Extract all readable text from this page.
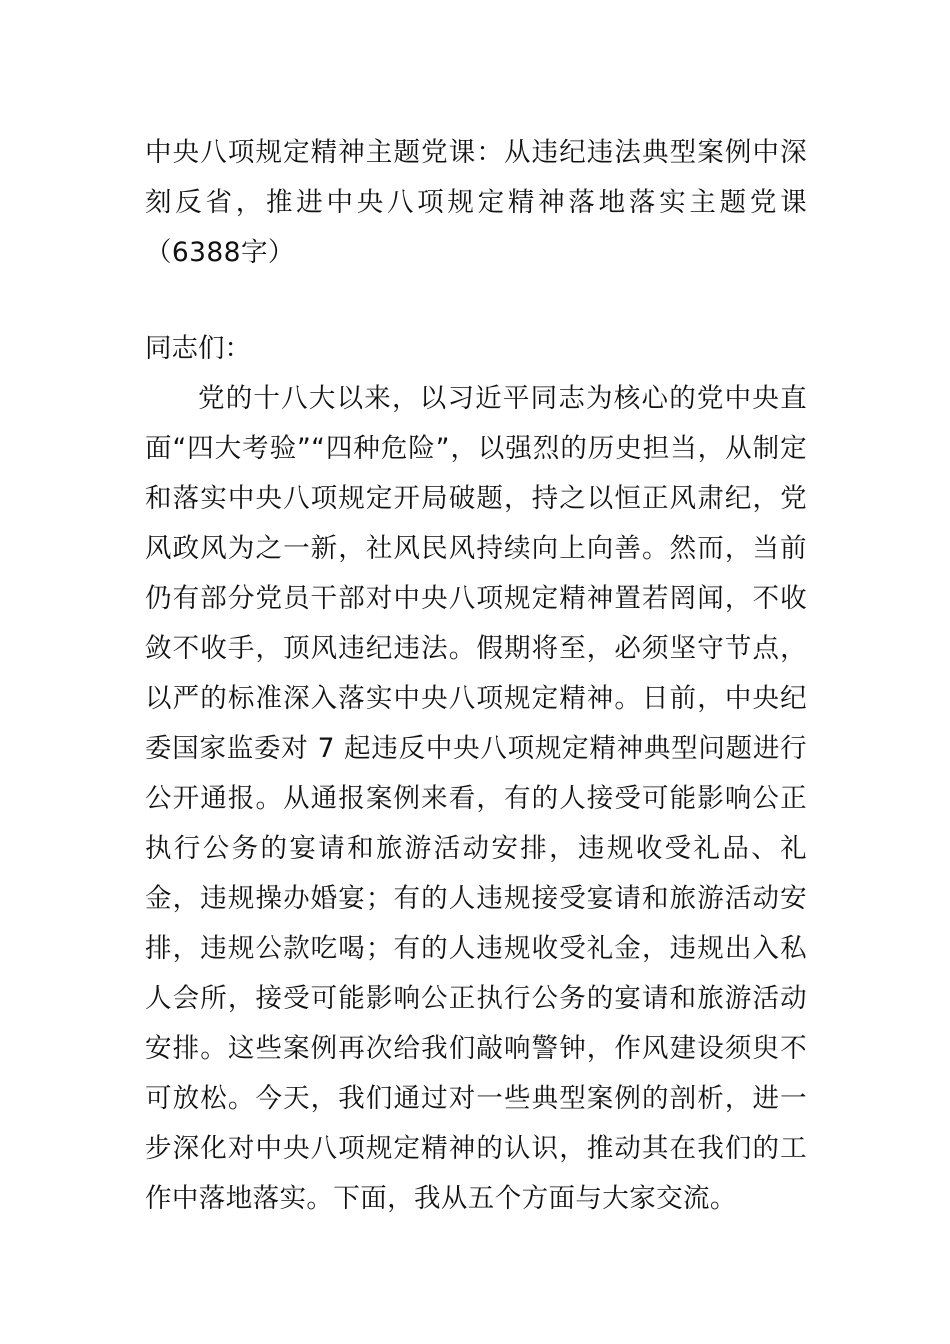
中央八项规定精神主题党课：从违纪违法典型案例中深刻反省，推进中央八项规定精神落地落实主题党课（6388字）

同志们：

党的十八大以来，以习近平同志为核心的党中央直面“四大考验”“四种危险”，以强烈的历史担当，从制定和落实中央八项规定开局破题，持之以恒正风肃纪，党风政风为之一新，社风民风持续向上向善。然而，当前仍有部分党员干部对中央八项规定精神置若罔闻，不收敛不收手，顶风违纪违法。假期将至，必须坚守节点，以严的标准深入落实中央八项规定精神。日前，中央纪委国家监委对 7 起违反中央八项规定精神典型问题进行公开通报。从通报案例来看，有的人接受可能影响公正执行公务的宴请和旅游活动安排，违规收受礼品、礼金，违规操办婚宴；有的人违规接受宴请和旅游活动安排，违规公款吃喝；有的人违规收受礼金，违规出入私人会所，接受可能影响公正执行公务的宴请和旅游活动安排。这些案例再次给我们敲响警钟，作风建设须臾不可放松。今天，我们通过对一些典型案例的剖析，进一步深化对中央八项规定精神的认识，推动其在我们的工作中落地落实。下面，我从五个方面与大家交流。
